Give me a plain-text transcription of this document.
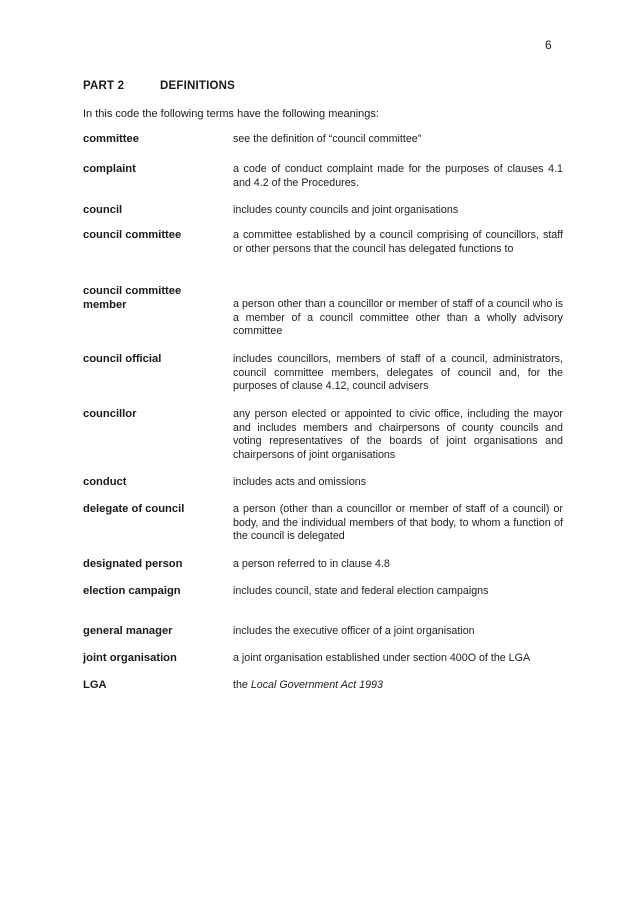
6
PART 2	DEFINITIONS
In this code the following terms have the following meanings:
committee	see the definition of “council committee”
complaint	a code of conduct complaint made for the purposes of clauses 4.1 and 4.2 of the Procedures.
council	includes county councils and joint organisations
council committee	a committee established by a council comprising of councillors, staff or other persons that the council has delegated functions to
council committee member	a person other than a councillor or member of staff of a council who is a member of a council committee other than a wholly advisory committee
council official	includes councillors, members of staff of a council, administrators, council committee members, delegates of council and, for the purposes of clause 4.12, council advisers
councillor	any person elected or appointed to civic office, including the mayor and includes members and chairpersons of county councils and voting representatives of the boards of joint organisations and chairpersons of joint organisations
conduct	includes acts and omissions
delegate of council	a person (other than a councillor or member of staff of a council) or body, and the individual members of that body, to whom a function of the council is delegated
designated person	a person referred to in clause 4.8
election campaign	includes council, state and federal election campaigns
general manager	includes the executive officer of a joint organisation
joint organisation	a joint organisation established under section 400O of the LGA
LGA	the Local Government Act 1993
